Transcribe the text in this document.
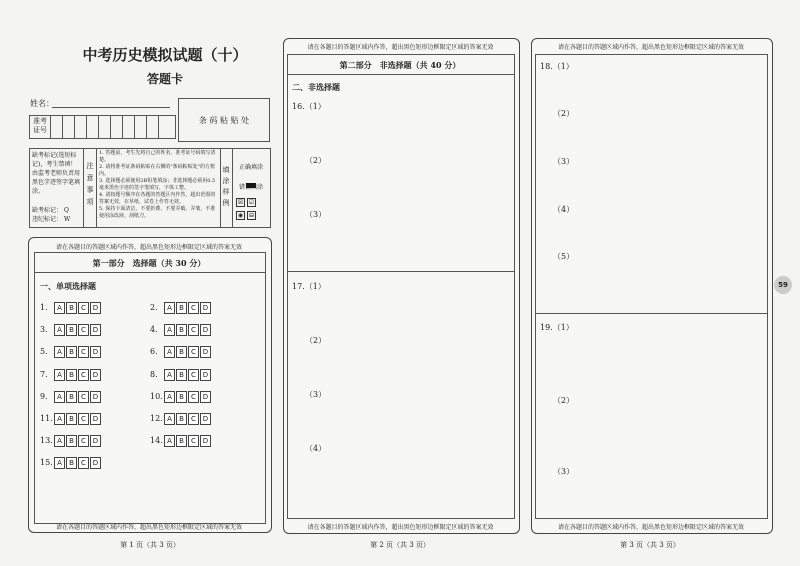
中考历史模拟试题（十）
答题卡
姓名：
准考证号
条 码 粘 贴 处
缺考标记(选短标记)，考生禁填！由监考老师负责用黑色字迹签字笔填涂。
缺考标记： Q
违纪标记： W
注意事项
1. 答题前，考生先将自己的姓名、准考证号码填写清楚。
2. 请将准考证条码粘贴在右侧的"条码粘贴处"的方框内。
3. 选择题必须使用2B铅笔填涂；非选择题必须用0.5毫米黑色字迹的签字笔填写，字体工整。
4. 请按题号顺序在各题的答题区内作答，超出范围的答案无效，在草纸、试卷上作答无效。
5. 保持卡面清洁，不要折叠、不要弄破、弄皱，不准使用涂改液、刮纸刀。
填涂样例
正确填涂
错误填涂
☒ ☑
◉ ⊟
请在各题目的答题区域内作答，超出黑色矩形边框限定区域的答案无效
第一部分　选择题（共 30 分）
一、单项选择题
1. A B C D	2. A B C D
3. A B C D	4. A B C D
5. A B C D	6. A B C D
7. A B C D	8. A B C D
9. A B C D	10. A B C D
11. A B C D	12. A B C D
13. A B C D	14. A B C D
15. A B C D
请在各题目的答题区域内作答，超出黑色矩形边框限定区域的答案无效
第 1 页（共 3 页）
请在各题目的答题区域内作答，超出黑色矩形边框限定区域的答案无效
第二部分　非选择题（共 40 分）
二、非选择题
16.（1）
（2）
（3）
17.（1）
（2）
（3）
（4）
请在各题目的答题区域内作答，超出黑色矩形边框限定区域的答案无效
第 2 页（共 3 页）
请在各题目的答题区域内作答，超出黑色矩形边框限定区域的答案无效
18.（1）
（2）
（3）
（4）
（5）
19.（1）
（2）
（3）
请在各题目的答题区域内作答，超出黑色矩形边框限定区域的答案无效
第 3 页（共 3 页）
59
